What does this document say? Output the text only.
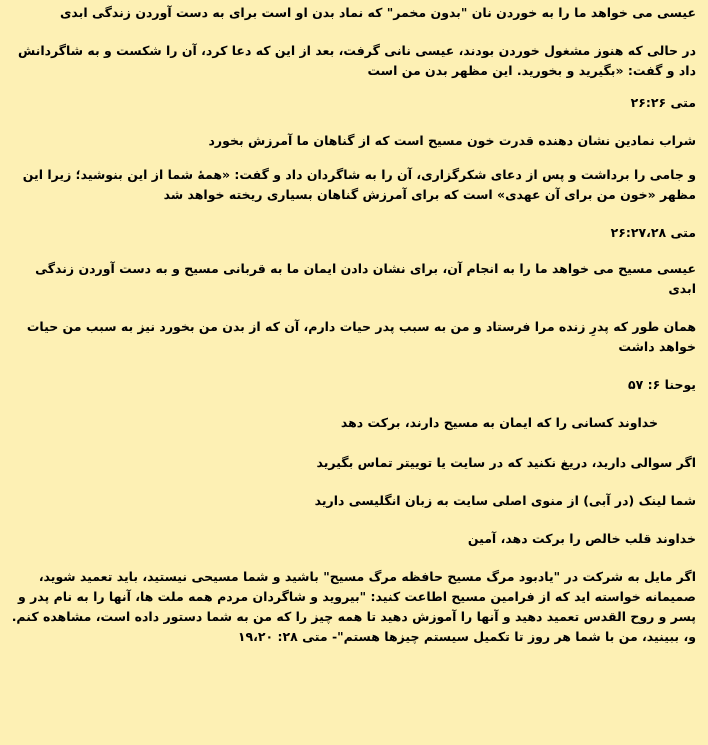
عیسی می خواهد ما را به خوردن نان "بدون مخمر" که نماد بدن او است برای به دست آوردن زندگی ابدی

در حالی که هنوز مشغول خوردن بودند، عیسی نانی گرفت، بعد از این که دعا کرد، آن را شکست و به شاگردانش داد و گفت: «بگیرید و بخورید. این مظهر بدن من است

متی ۲۶:۲۶

شراب نمادین نشان دهنده قدرت خون مسیح است که از گناهان ما آمرزش بخورد

و جامی را برداشت و پس از دعای شکرگزاری، آن را به شاگردان داد و گفت: «همهٔ شما از این بنوشید؛ زیرا این مظهر «خون من برای آن عهدی» است که برای آمرزش گناهان بسیاری ریخته خواهد شد

متی ۲۶:۲۷،۲۸

عیسی مسیح می خواهد ما را به انجام آن، برای نشان دادن ایمان ما به قربانی مسیح و به دست آوردن زندگی ابدی

همان طور که پدرِ زنده مرا فرستاد و من به سبب پدر حیات دارم، آن که از بدن من بخورد نیز به سبب من حیات خواهد داشت

یوحنا ۶: ۵۷

خداوند کسانی را که ایمان به مسیح دارند، برکت دهد

اگر سوالی دارید، دریغ نکنید که در سایت یا توییتر تماس بگیرید

شما لینک (در آبی) از منوی اصلی سایت به زبان انگلیسی دارید

خداوند قلب خالص را برکت دهد، آمین

اگر مایل به شرکت در "یادبود مرگ مسیح حافظه مرگ مسیح" باشید و شما مسیحی نیستید، باید تعمید شوید، صمیمانه خواسته اید که از فرامین مسیح اطاعت کنید: "بیروید و شاگردان مردم همه ملت ها، آنها را به نام پدر و پسر و روح القدس تعمید دهید و آنها را آموزش دهید تا همه چیز را که من به شما دستور داده است، مشاهده کنم. و، ببینید، من با شما هر روز تا تکمیل سیستم چیزها هستم"- متی ۲۸: ۱۹،۲۰
